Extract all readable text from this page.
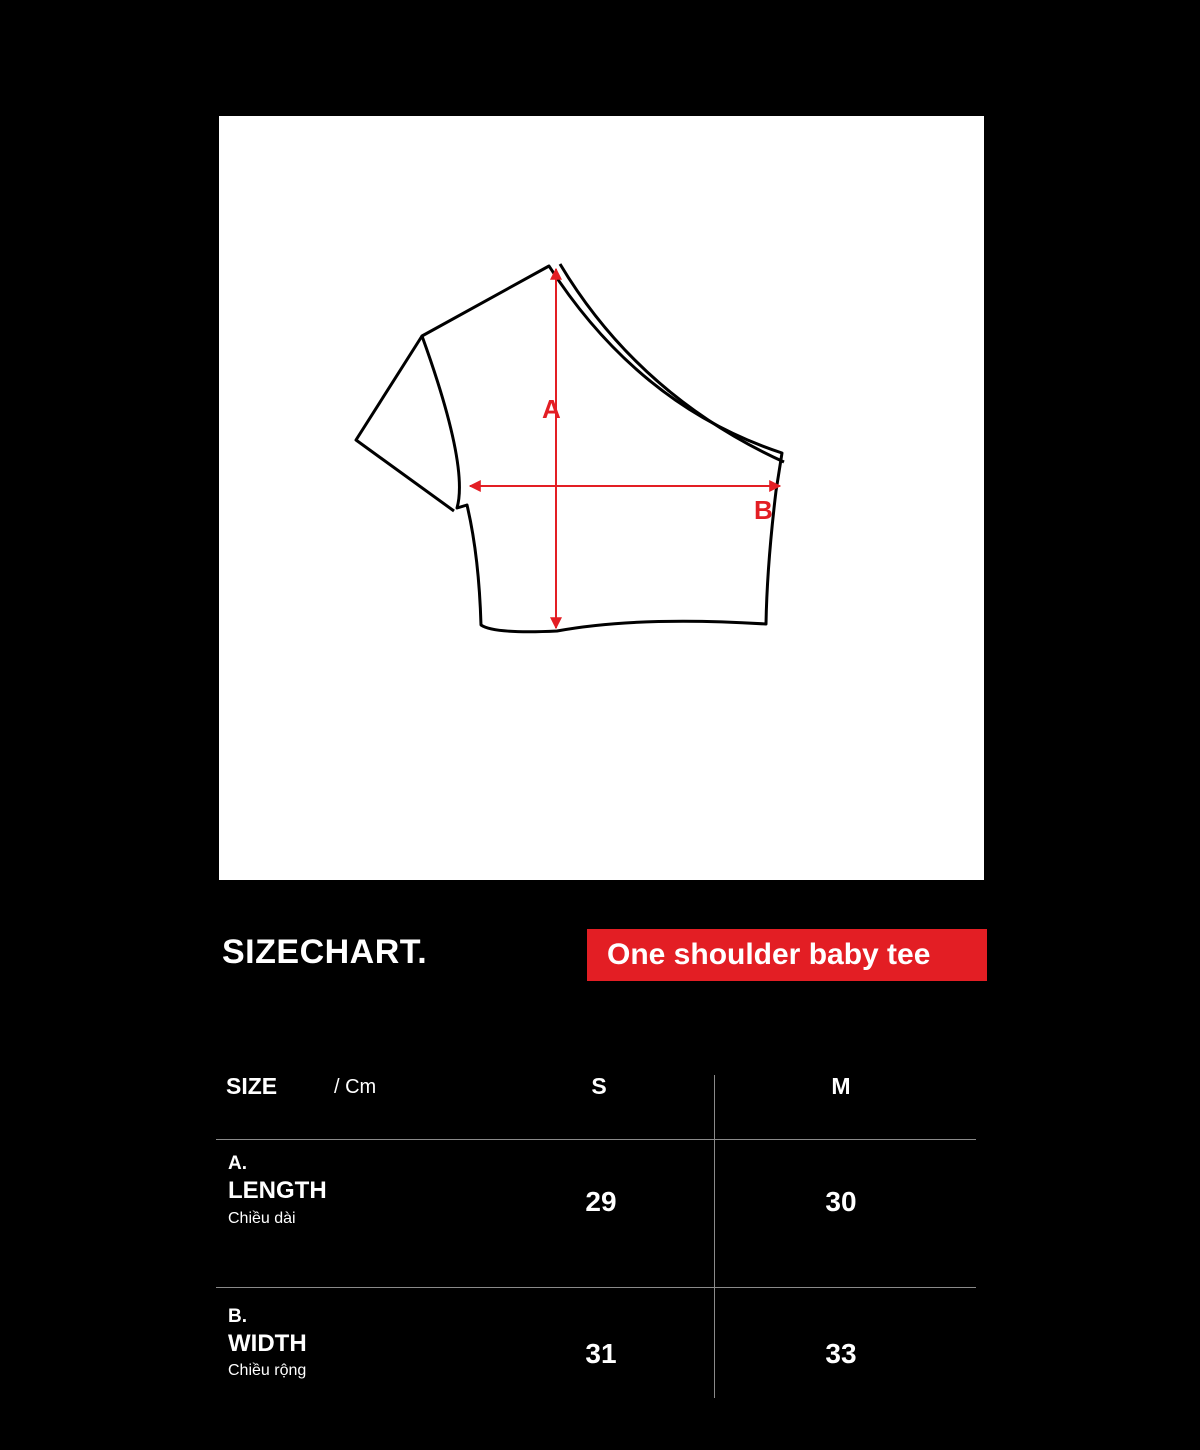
A
B
SIZECHART.	One shoulder baby tee
SIZE	/ Cm	S	M
A.
LENGTH
Chiều dài
29	30
B.
WIDTH
Chiều rộng
31	33
